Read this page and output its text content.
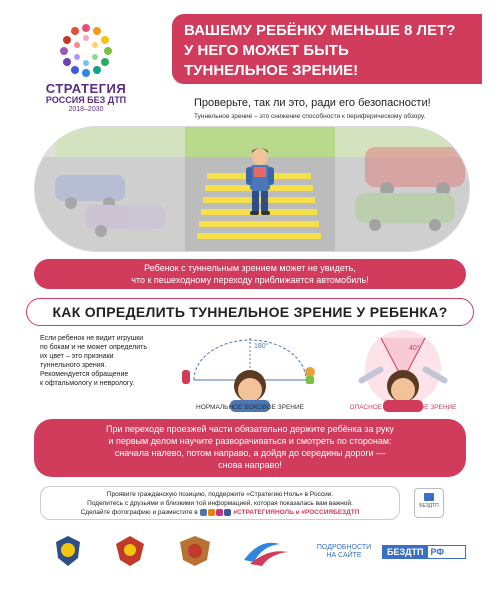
СТРАТЕГИЯ
РОССИЯ БЕЗ ДТП
2018–2030
ВАШЕМУ РЕБЁНКУ МЕНЬШЕ 8 ЛЕТ?
У НЕГО МОЖЕТ БЫТЬ
ТУННЕЛЬНОЕ ЗРЕНИЕ!
Проверьте, так ли это, ради его безопасности!
Туннельное зрение – это снижение способности к периферическому обзору.
Ребенок с туннельным зрением может не увидеть,
что к пешеходному переходу приближается автомобиль!
КАК ОПРЕДЕЛИТЬ ТУННЕЛЬНОЕ ЗРЕНИЕ У РЕБЕНКА?
Если ребенок не видит игрушки
по бокам и не может определить
их цвет – это признаки
туннельного зрения.
Рекомендуется обращение
к офтальмологу и неврологу.
180°
НОРМАЛЬНОЕ БОКОВОЕ ЗРЕНИЕ
40°
ОПАСНОЕ ТУННЕЛЬНОЕ ЗРЕНИЕ
При переходе проезжей части обязательно держите ребёнка за руку
и первым делом научите разворачиваться и смотреть по сторонам:
сначала налево, потом направо, а дойдя до середины дороги —
снова направо!
Проявите гражданскую позицию, поддержите «Стратегию Ноль» в России.
Поделитесь с друзьями и близкими той информацией, которая показалась вам важной.
Сделайте фотографию и разместите в	#СТРАТЕГИЯНОЛЬ и #РОССИЯБЕЗДТП
БЕЗДТП
ПОДРОБНОСТИ
НА САЙТЕ	БЕЗДТП РФ
